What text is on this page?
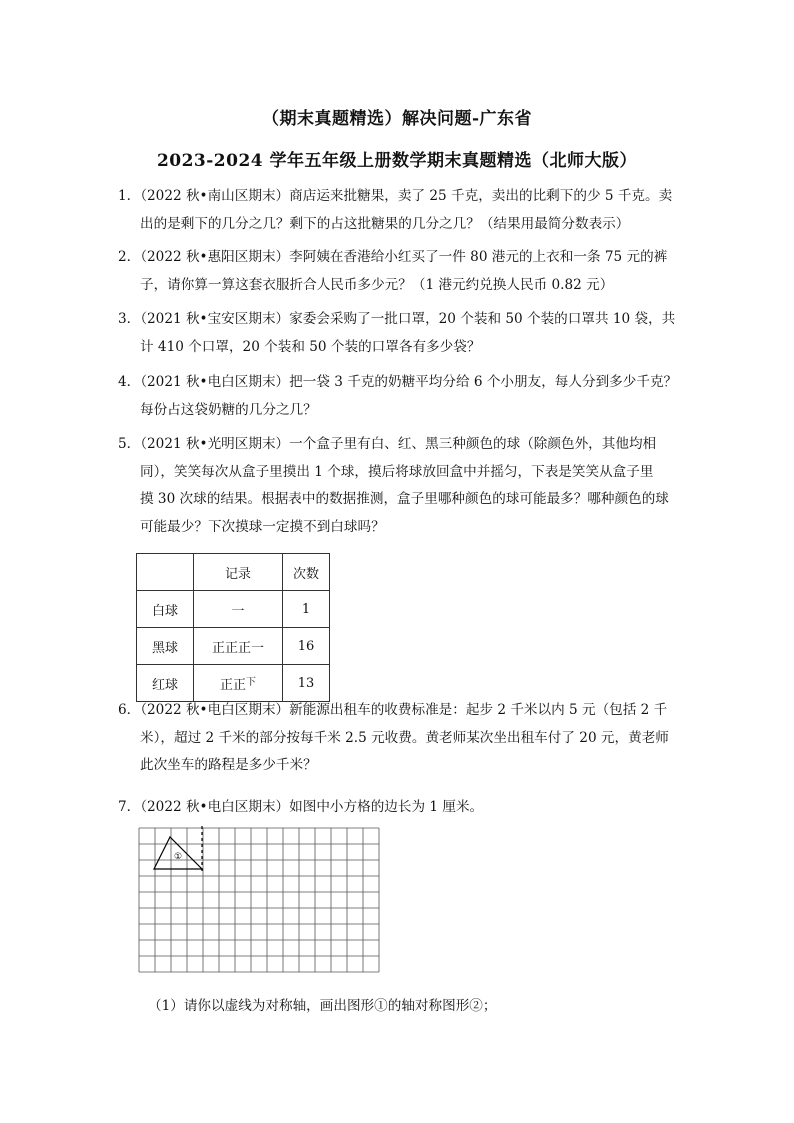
（期末真题精选）解决问题-广东省
2023-2024 学年五年级上册数学期末真题精选（北师大版）
1．（2022 秋•南山区期末）商店运来批糖果，卖了 25 千克，卖出的比剩下的少 5 千克。卖
出的是剩下的几分之几？剩下的占这批糖果的几分之几？（结果用最简分数表示）
2．（2022 秋•惠阳区期末）李阿姨在香港给小红买了一件 80 港元的上衣和一条 75 元的裤
子，请你算一算这套衣服折合人民币多少元？（1 港元约兑换人民币 0.82 元）
3．（2021 秋•宝安区期末）家委会采购了一批口罩，20 个装和 50 个装的口罩共 10 袋，共
计 410 个口罩，20 个装和 50 个装的口罩各有多少袋？
4．（2021 秋•电白区期末）把一袋 3 千克的奶糖平均分给 6 个小朋友，每人分到多少千克？
每份占这袋奶糖的几分之几？
5．（2021 秋•光明区期末）一个盒子里有白、红、黑三种颜色的球（除颜色外，其他均相
同），笑笑每次从盒子里摸出 1 个球，摸后将球放回盒中并摇匀，下表是笑笑从盒子里
摸 30 次球的结果。根据表中的数据推测，盒子里哪种颜色的球可能最多？哪种颜色的球
可能最少？下次摸球一定摸不到白球吗？
	记录	次数
白球	一	1
黑球	正正正一	16
红球	正正$^下$	13
6．（2022 秋•电白区期末）新能源出租车的收费标准是：起步 2 千米以内 5 元（包括 2 千
米），超过 2 千米的部分按每千米 2.5 元收费。黄老师某次坐出租车付了 20 元，黄老师
此次坐车的路程是多少千米？
7．（2022 秋•电白区期末）如图中小方格的边长为 1 厘米。
①
（1）请你以虚线为对称轴，画出图形①的轴对称图形②；
